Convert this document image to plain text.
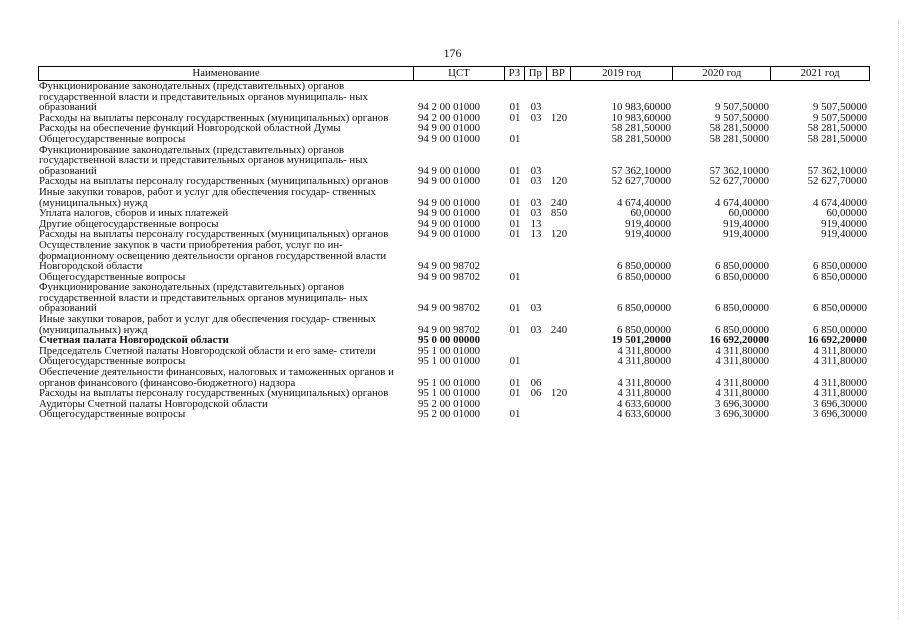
176
Наименование	ЦСТ	РЗ Пр ВР	2019 год	2020 год	2021 год
Функционирование законодательных (представительных) органов государственной власти и представительных органов муниципаль- ных образований	94 2 00 01000	01 03	10 983,60000	9 507,50000	9 507,50000
Расходы на выплаты персоналу государственных (муниципальных) органов	94 2 00 01000	01 03 120	10 983,60000	9 507,50000	9 507,50000
Расходы на обеспечение функций Новгородской областной Думы	94 9 00 01000	58 281,50000	58 281,50000	58 281,50000
Общегосударственные вопросы	94 9 00 01000	01	58 281,50000	58 281,50000	58 281,50000
Функционирование законодательных (представительных) органов государственной власти и представительных органов муниципаль- ных образований	94 9 00 01000	01 03	57 362,10000	57 362,10000	57 362,10000
Расходы на выплаты персоналу государственных (муниципальных) органов	94 9 00 01000	01 03 120	52 627,70000	52 627,70000	52 627,70000
Иные закупки товаров, работ и услуг для обеспечения государ- ственных (муниципальных) нужд	94 9 00 01000	01 03 240	4 674,40000	4 674,40000	4 674,40000
Уплата налогов, сборов и иных платежей	94 9 00 01000	01 03 850	60,00000	60,00000	60,00000
Другие общегосударственные вопросы	94 9 00 01000	01 13	919,40000	919,40000	919,40000
Расходы на выплаты персоналу государственных (муниципальных) органов	94 9 00 01000	01 13 120	919,40000	919,40000	919,40000
Осуществление закупок в части приобретения работ, услуг по ин- формационному освещению деятельности органов государственной власти Новгородской области	94 9 00 98702	6 850,00000	6 850,00000	6 850,00000
Общегосударственные вопросы	94 9 00 98702	01	6 850,00000	6 850,00000	6 850,00000
Функционирование законодательных (представительных) органов государственной власти и представительных органов муниципаль- ных образований	94 9 00 98702	01 03	6 850,00000	6 850,00000	6 850,00000
Иные закупки товаров, работ и услуг для обеспечения государ- ственных (муниципальных) нужд	94 9 00 98702	01 03 240	6 850,00000	6 850,00000	6 850,00000
Счетная палата Новгородской области	95 0 00 00000	19 501,20000	16 692,20000	16 692,20000
Председатель Счетной палаты Новгородской области и его заме- стители	95 1 00 01000	4 311,80000	4 311,80000	4 311,80000
Общегосударственные вопросы	95 1 00 01000	01	4 311,80000	4 311,80000	4 311,80000
Обеспечение деятельности финансовых, налоговых и таможенных органов и органов финансового (финансово-бюджетного) надзора	95 1 00 01000	01 06	4 311,80000	4 311,80000	4 311,80000
Расходы на выплаты персоналу государственных (муниципальных) органов	95 1 00 01000	01 06 120	4 311,80000	4 311,80000	4 311,80000
Аудиторы Счетной палаты Новгородской области	95 2 00 01000	4 633,60000	3 696,30000	3 696,30000
Общегосударственные вопросы	95 2 00 01000	01	4 633,60000	3 696,30000	3 696,30000
